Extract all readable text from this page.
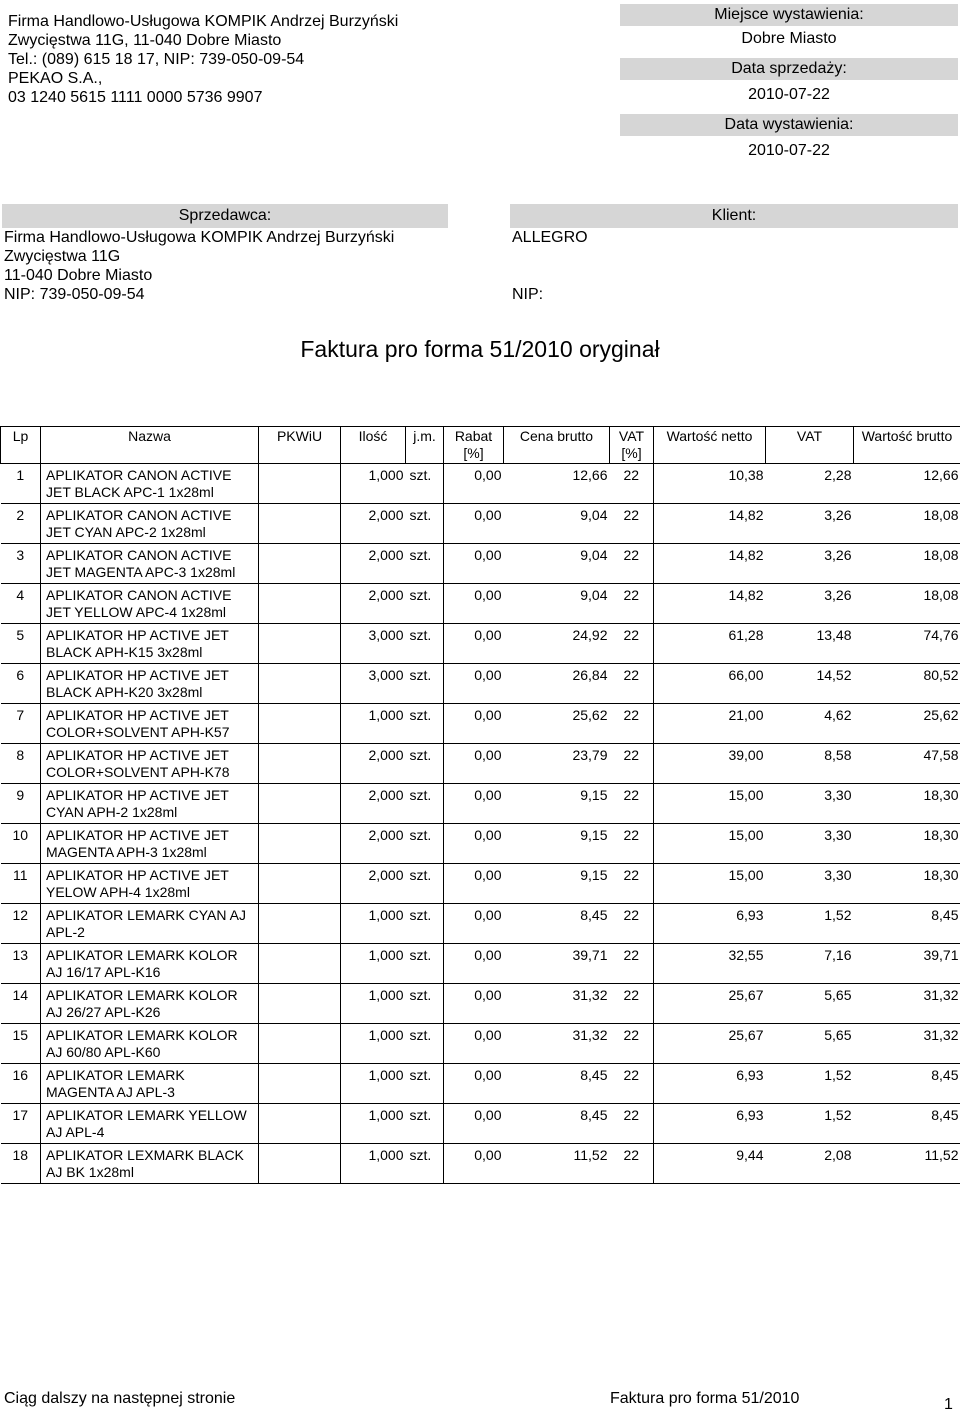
Firma Handlowo-Usługowa KOMPIK Andrzej Burzyński
Zwycięstwa 11G, 11-040 Dobre Miasto
Tel.: (089) 615 18 17, NIP: 739-050-09-54
PEKAO S.A.,
03 1240 5615 1111 0000 5736 9907
Miejsce wystawienia:
Dobre Miasto
Data sprzedaży:
2010-07-22
Data wystawienia:
2010-07-22
Sprzedawca:
Firma Handlowo-Usługowa KOMPIK Andrzej Burzyński
Zwycięstwa 11G
11-040 Dobre Miasto
NIP: 739-050-09-54
Klient:
ALLEGRO
NIP:
Faktura pro forma 51/2010 oryginał
Lp	Nazwa	PKWiU	Ilość	j.m.	Rabat [%]	Cena brutto	VAT [%]	Wartość netto	VAT	Wartość brutto
1	APLIKATOR CANON ACTIVE JET BLACK APC-1 1x28ml		1,000	szt.	0,00	12,66	22	10,38	2,28	12,66
2	APLIKATOR CANON ACTIVE JET CYAN APC-2 1x28ml		2,000	szt.	0,00	9,04	22	14,82	3,26	18,08
3	APLIKATOR CANON ACTIVE JET MAGENTA APC-3 1x28ml		2,000	szt.	0,00	9,04	22	14,82	3,26	18,08
4	APLIKATOR CANON ACTIVE JET YELLOW APC-4 1x28ml		2,000	szt.	0,00	9,04	22	14,82	3,26	18,08
5	APLIKATOR HP ACTIVE JET BLACK APH-K15 3x28ml		3,000	szt.	0,00	24,92	22	61,28	13,48	74,76
6	APLIKATOR HP ACTIVE JET BLACK APH-K20 3x28ml		3,000	szt.	0,00	26,84	22	66,00	14,52	80,52
7	APLIKATOR HP ACTIVE JET COLOR+SOLVENT APH-K57		1,000	szt.	0,00	25,62	22	21,00	4,62	25,62
8	APLIKATOR HP ACTIVE JET COLOR+SOLVENT APH-K78		2,000	szt.	0,00	23,79	22	39,00	8,58	47,58
9	APLIKATOR HP ACTIVE JET CYAN APH-2 1x28ml		2,000	szt.	0,00	9,15	22	15,00	3,30	18,30
10	APLIKATOR HP ACTIVE JET MAGENTA APH-3 1x28ml		2,000	szt.	0,00	9,15	22	15,00	3,30	18,30
11	APLIKATOR HP ACTIVE JET YELOW APH-4 1x28ml		2,000	szt.	0,00	9,15	22	15,00	3,30	18,30
12	APLIKATOR LEMARK CYAN AJ APL-2		1,000	szt.	0,00	8,45	22	6,93	1,52	8,45
13	APLIKATOR LEMARK KOLOR AJ 16/17 APL-K16		1,000	szt.	0,00	39,71	22	32,55	7,16	39,71
14	APLIKATOR LEMARK KOLOR AJ 26/27 APL-K26		1,000	szt.	0,00	31,32	22	25,67	5,65	31,32
15	APLIKATOR LEMARK KOLOR AJ 60/80 APL-K60		1,000	szt.	0,00	31,32	22	25,67	5,65	31,32
16	APLIKATOR LEMARK MAGENTA AJ APL-3		1,000	szt.	0,00	8,45	22	6,93	1,52	8,45
17	APLIKATOR LEMARK YELLOW AJ APL-4		1,000	szt.	0,00	8,45	22	6,93	1,52	8,45
18	APLIKATOR LEXMARK BLACK AJ BK 1x28ml		1,000	szt.	0,00	11,52	22	9,44	2,08	11,52
Ciąg dalszy na następnej stronie	Faktura pro forma 51/2010	1
